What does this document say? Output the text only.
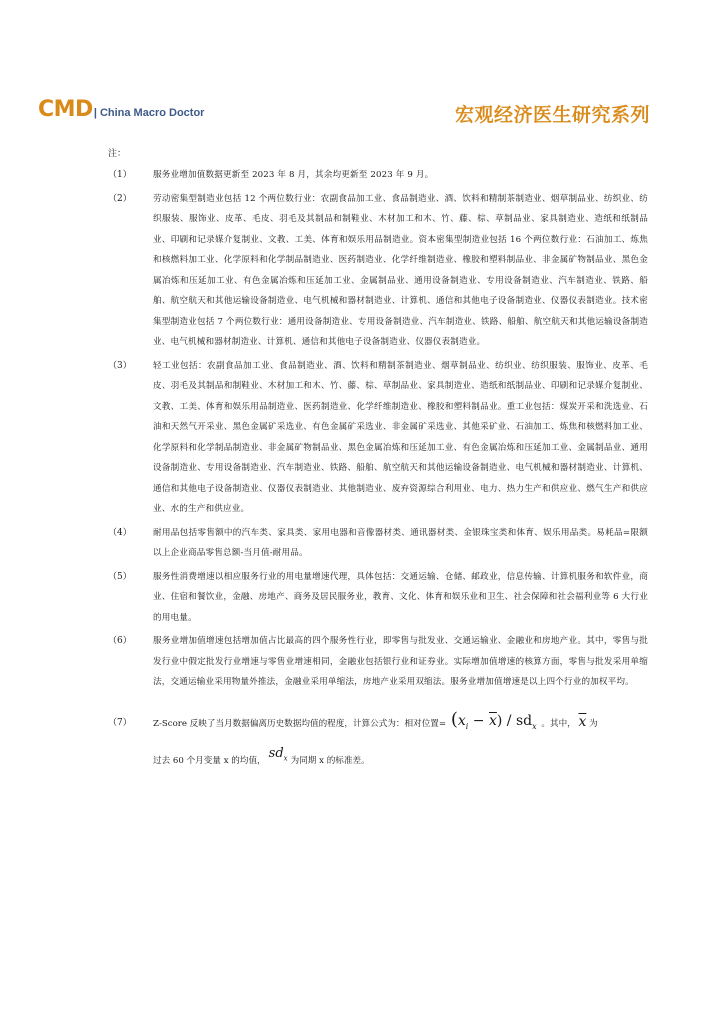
CMD| China Macro Doctor	宏观经济医生研究系列
注：
（1）	服务业增加值数据更新至 2023 年 8 月，其余均更新至 2023 年 9 月。
（2）	劳动密集型制造业包括 12 个两位数行业：农副食品加工业、食品制造业、酒、饮料和精制茶制造业、烟草制品业、纺织业、纺织服装、服饰业、皮革、毛皮、羽毛及其制品和制鞋业、木材加工和木、竹、藤、棕、草制品业、家具制造业、造纸和纸制品业、印刷和记录媒介复制业、文教、工美、体育和娱乐用品制造业。资本密集型制造业包括 16 个两位数行业：石油加工、炼焦和核燃料加工业、化学原料和化学制品制造业、医药制造业、化学纤维制造业、橡胶和塑料制品业、非金属矿物制品业、黑色金属冶炼和压延加工业、有色金属冶炼和压延加工业、金属制品业、通用设备制造业、专用设备制造业、汽车制造业、铁路、船舶、航空航天和其他运输设备制造业、电气机械和器材制造业、计算机、通信和其他电子设备制造业、仪器仪表制造业。技术密集型制造业包括 7 个两位数行业：通用设备制造业、专用设备制造业、汽车制造业、铁路、船舶、航空航天和其他运输设备制造业、电气机械和器材制造业、计算机、通信和其他电子设备制造业、仪器仪表制造业。
（3）	轻工业包括：农副食品加工业、食品制造业、酒、饮料和精制茶制造业、烟草制品业、纺织业、纺织服装、服饰业、皮革、毛皮、羽毛及其制品和制鞋业、木材加工和木、竹、藤、棕、草制品业、家具制造业、造纸和纸制品业、印刷和记录媒介复制业、文教、工美、体育和娱乐用品制造业、医药制造业、化学纤维制造业、橡胶和塑料制品业。重工业包括：煤炭开采和洗选业、石油和天然气开采业、黑色金属矿采选业、有色金属矿采选业、非金属矿采选业、其他采矿业、石油加工、炼焦和核燃料加工业、化学原料和化学制品制造业、非金属矿物制品业、黑色金属冶炼和压延加工业、有色金属冶炼和压延加工业、金属制品业、通用设备制造业、专用设备制造业、汽车制造业、铁路、船舶、航空航天和其他运输设备制造业、电气机械和器材制造业、计算机、通信和其他电子设备制造业、仪器仪表制造业、其他制造业、废弃资源综合利用业、电力、热力生产和供应业、燃气生产和供应业、水的生产和供应业。
（4）	耐用品包括零售额中的汽车类、家具类、家用电器和音像器材类、通讯器材类、金银珠宝类和体育、娱乐用品类。易耗品=限额以上企业商品零售总额-当月值-耐用品。
（5）	服务性消费增速以相应服务行业的用电量增速代理，具体包括：交通运输、仓储、邮政业，信息传输、计算机服务和软件业，商业、住宿和餐饮业，金融、房地产、商务及居民服务业，教育、文化、体育和娱乐业和卫生、社会保障和社会福利业等 6 大行业的用电量。
（6）	服务业增加值增速包括增加值占比最高的四个服务性行业，即零售与批发业、交通运输业、金融业和房地产业。其中，零售与批发行业中假定批发行业增速与零售业增速相同，金融业包括银行业和证券业。实际增加值增速的核算方面，零售与批发采用单缩法，交通运输业采用物量外推法，金融业采用单缩法，房地产业采用双缩法。服务业增加值增速是以上四个行业的加权平均。
（7）	Z-Score 反映了当月数据偏离历史数据均值的程度，计算公式为：相对位置= $(x_i - \overline{x}) / sd_x$ 。其中， $\overline{x}$ 为
过去 60 个月变量 x 的均值， $sd_x$ 为同期 x 的标准差。
